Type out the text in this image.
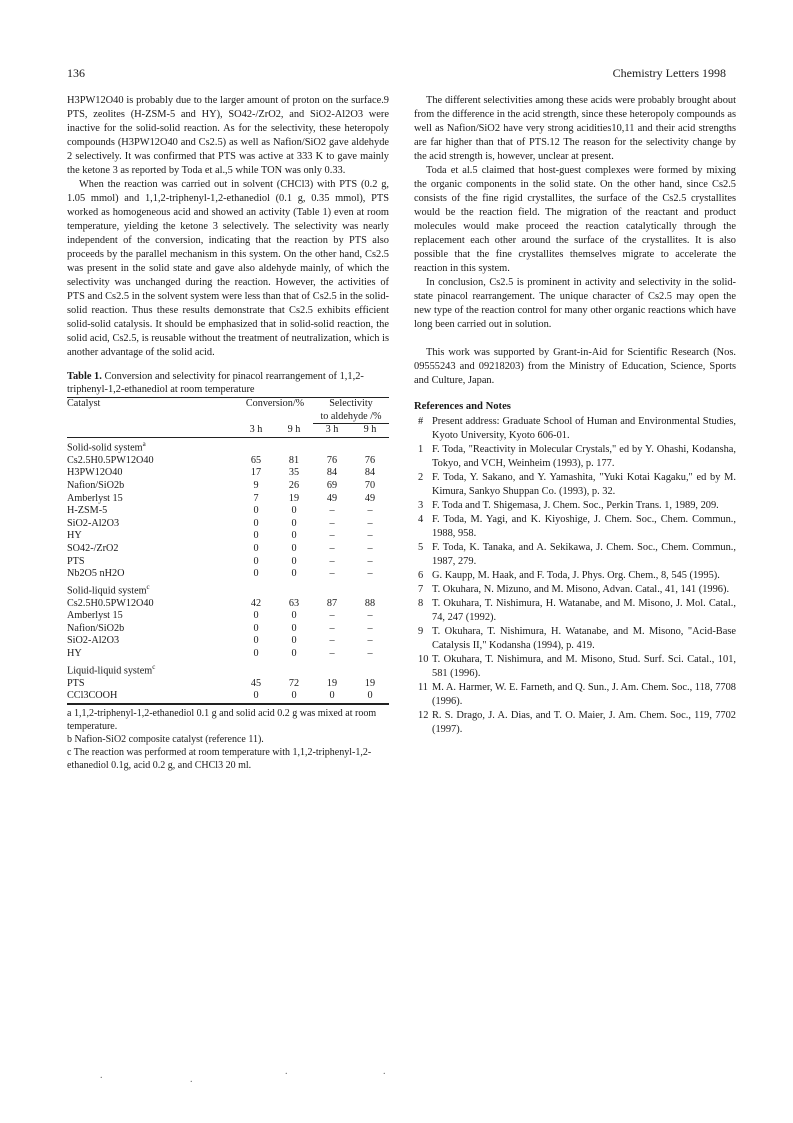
136	Chemistry Letters 1998

H3PW12O40 is probably due to the larger amount of proton on the surface.9 PTS, zeolites (H-ZSM-5 and HY), SO42-/ZrO2, and SiO2-Al2O3 were inactive for the solid-solid reaction. As for the selectivity, these heteropoly compounds (H3PW12O40 and Cs2.5) as well as Nafion/SiO2 gave aldehyde 2 selectively. It was confirmed that PTS was active at 333 K to gave mainly the ketone 3 as reported by Toda et al.,5 while TON was only 0.33.

When the reaction was carried out in solvent (CHCl3) with PTS (0.2 g, 1.05 mmol) and 1,1,2-triphenyl-1,2-ethanediol (0.1 g, 0.35 mmol), PTS worked as homogeneous acid and showed an activity (Table 1) even at room temperature, yielding the ketone 3 selectively. The selectivity was nearly independent of the conversion, indicating that the reaction by PTS also proceeds by the parallel mechanism in this system. On the other hand, Cs2.5 was present in the solid state and gave also aldehyde mainly, of which the selectivity was unchanged during the reaction. However, the activities of PTS and Cs2.5 in the solvent system were less than that of Cs2.5 in the solid-solid reaction. Thus these results demonstrate that Cs2.5 exhibits efficient solid-solid catalysis. It should be emphasized that in solid-solid reaction, the solid acid, Cs2.5, is reusable without the treatment of neutralization, which is another advantage of the solid acid.

Table 1. Conversion and selectivity for pinacol rearrangement of 1,1,2-triphenyl-1,2-ethanediol at room temperature
Catalyst	Conversion/%		Selectivity	
			to aldehyde /%	
	3 h	9 h	3 h	9 h
Solid-solid system$^a$
Cs2.5H0.5PW12O40	65	81	76	76
H3PW12O40	17	35	84	84
Nafion/SiO2b	9	26	69	70
Amberlyst 15	7	19	49	49
H-ZSM-5	0	0	–	–
SiO2-Al2O3	0	0	–	–
HY	0	0	–	–
SO42-/ZrO2	0	0	–	–
PTS	0	0	–	–
Nb2O5 nH2O	0	0	–	–
Solid-liquid system$^c$
Cs2.5H0.5PW12O40	42	63	87	88
Amberlyst 15	0	0	–	–
Nafion/SiO2b	0	0	–	–
SiO2-Al2O3	0	0	–	–
HY	0	0	–	–
Liquid-liquid system$^c$
PTS	45	72	19	19
CCl3COOH	0	0	0	0

a 1,1,2-triphenyl-1,2-ethanediol 0.1 g and solid acid 0.2 g was mixed at room temperature.

b Nafion-SiO2 composite catalyst (reference 11).

c The reaction was performed at room temperature with 1,1,2-triphenyl-1,2-ethanediol 0.1g, acid 0.2 g, and CHCl3 20 ml.

The different selectivities among these acids were probably brought about from the difference in the acid strength, since these heteropoly compounds as well as Nafion/SiO2 have very strong acidities10,11 and their acid strengths are far higher than that of PTS.12 The reason for the selectivity change by the acid strength is, however, unclear at present.

Toda et al.5 claimed that host-guest complexes were formed by mixing the organic components in the solid state. On the other hand, since Cs2.5 consists of the fine rigid crystallites, the surface of the Cs2.5 crystallites would be the reaction field. The migration of the reactant and product molecules would make proceed the reaction catalytically through the replacement each other around the surface of the crystallites. It is also possible that the fine crystallites themselves migrate to accelerate the reaction in this system.

In conclusion, Cs2.5 is prominent in activity and selectivity in the solid-state pinacol rearrangement. The unique character of Cs2.5 may open the new type of the reaction control for many other organic reactions which have long been carried out in solution.

This work was supported by Grant-in-Aid for Scientific Research (Nos. 09555243 and 09218203) from the Ministry of Education, Science, Sports and Culture, Japan.

References and Notes
# Present address: Graduate School of Human and Environmental Studies, Kyoto University, Kyoto 606-01.
1 F. Toda, "Reactivity in Molecular Crystals," ed by Y. Ohashi, Kodansha, Tokyo, and VCH, Weinheim (1993), p. 177.
2 F. Toda, Y. Sakano, and Y. Yamashita, "Yuki Kotai Kagaku," ed by M. Kimura, Sankyo Shuppan Co. (1993), p. 32.
3 F. Toda and T. Shigemasa, J. Chem. Soc., Perkin Trans. 1, 1989, 209.
4 F. Toda, M. Yagi, and K. Kiyoshige, J. Chem. Soc., Chem. Commun., 1988, 958.
5 F. Toda, K. Tanaka, and A. Sekikawa, J. Chem. Soc., Chem. Commun., 1987, 279.
6 G. Kaupp, M. Haak, and F. Toda, J. Phys. Org. Chem., 8, 545 (1995).
7 T. Okuhara, N. Mizuno, and M. Misono, Advan. Catal., 41, 141 (1996).
8 T. Okuhara, T. Nishimura, H. Watanabe, and M. Misono, J. Mol. Catal., 74, 247 (1992).
9 T. Okuhara, T. Nishimura, H. Watanabe, and M. Misono, "Acid-Base Catalysis II," Kodansha (1994), p. 419.
10 T. Okuhara, T. Nishimura, and M. Misono, Stud. Surf. Sci. Catal., 101, 581 (1996).
11 M. A. Harmer, W. E. Farneth, and Q. Sun., J. Am. Chem. Soc., 118, 7708 (1996).
12 R. S. Drago, J. A. Dias, and T. O. Maier, J. Am. Chem. Soc., 119, 7702 (1997).
.	.
.	.
